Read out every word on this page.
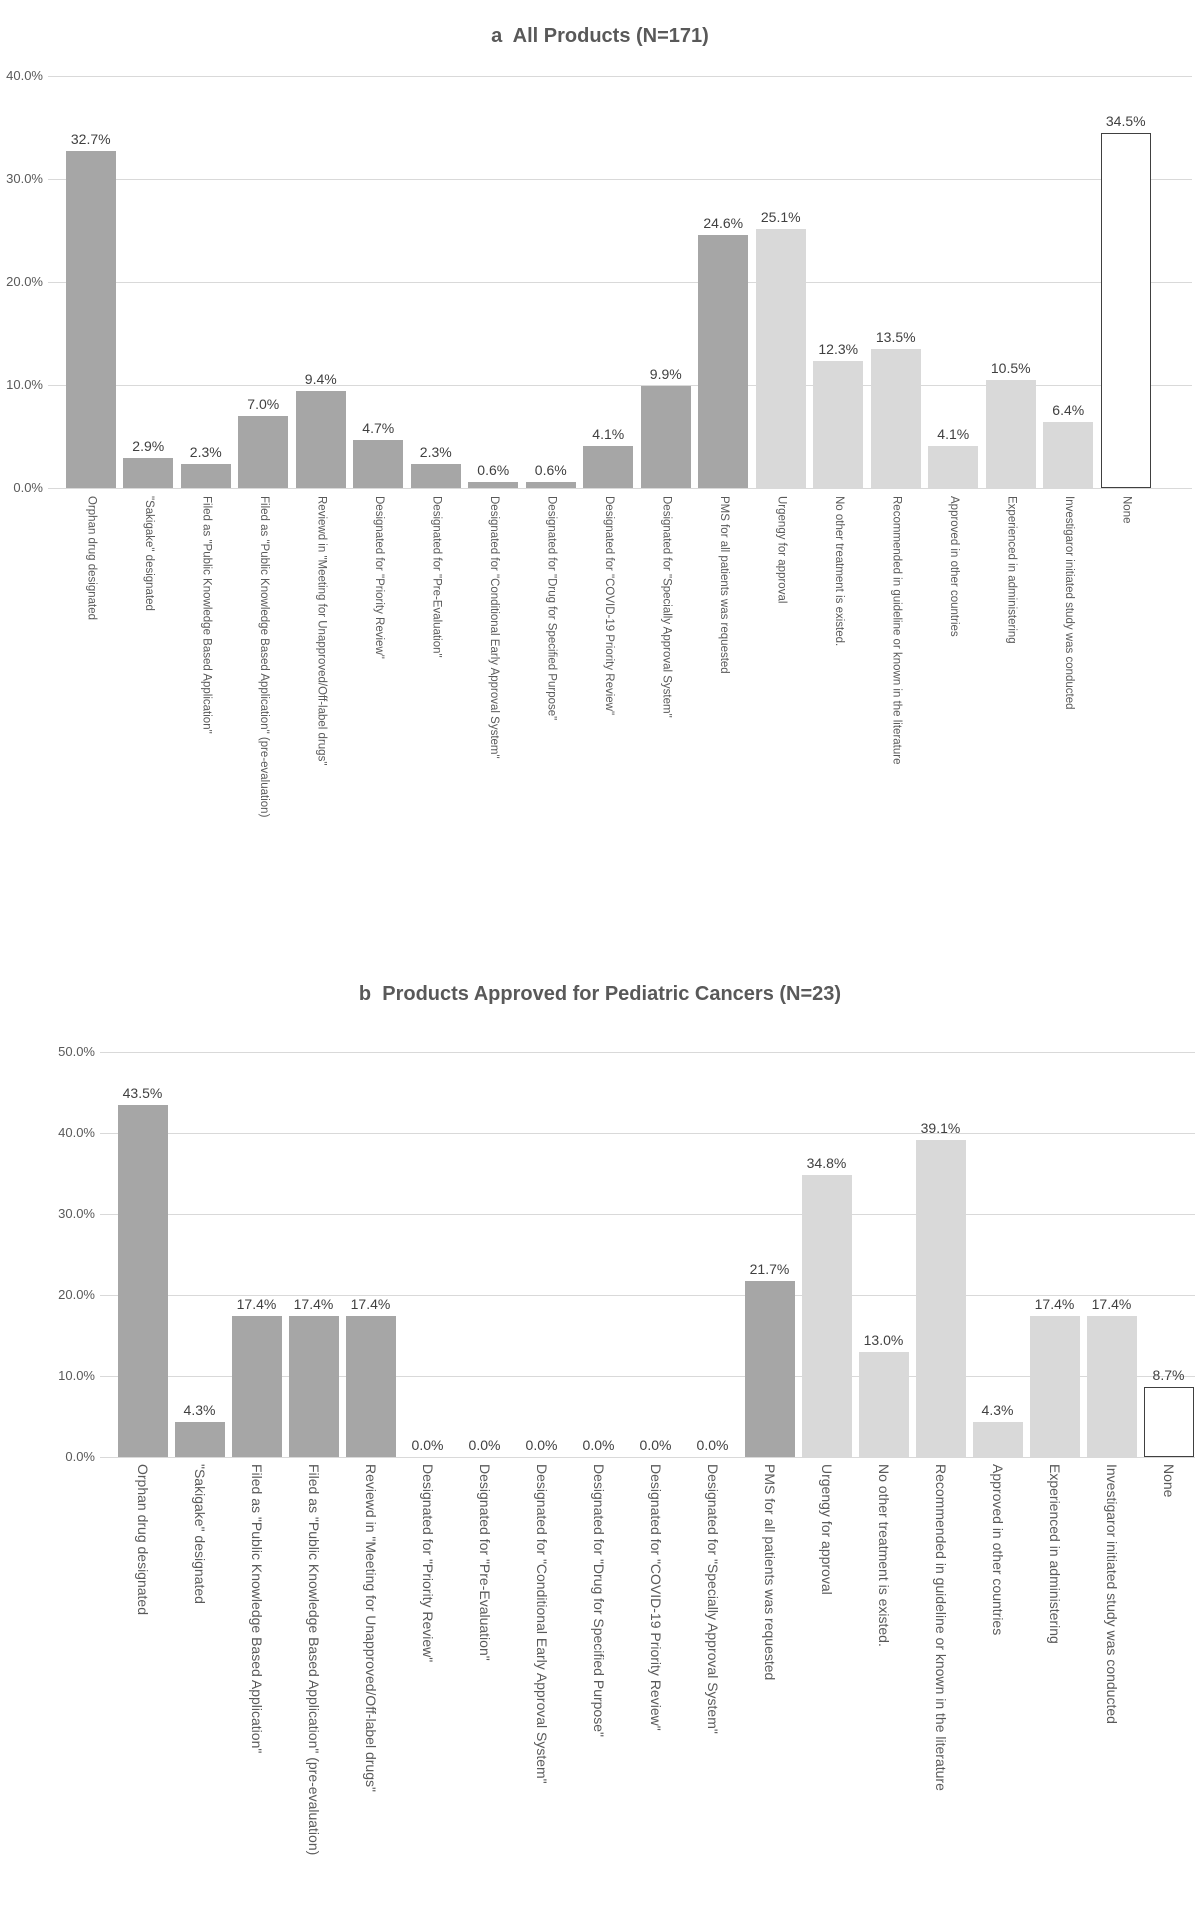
a  All Products (N=171)
40.0%
30.0%
20.0%
10.0%
0.0%
32.7%
Orphan drug designated
2.9%
"Sakigake" designated
2.3%
Filed as "Public Knowledge Based Application"
7.0%
Filed as "Public Knowledge Based Application" (pre-evaluation)
9.4%
Reviewd in "Meeting for Unapproved/Off-label drugs"
4.7%
Designated for "Priority Review"
2.3%
Designated for "Pre-Evaluation"
0.6%
Designated for "Conditional Early Approval System"
0.6%
Designated for "Drug for Specified Purpose"
4.1%
Designated for "COVID-19 Priority Review"
9.9%
Designated for "Specially Approval System"
24.6%
PMS for all patients was requested
25.1%
Urgengy for approval
12.3%
No other treatment is existed.
13.5%
Recommended in guideline or known in the literature
4.1%
Approved in other countries
10.5%
Experienced in administering
6.4%
Investigaror initiated study was conducted
34.5%
None
b  Products Approved for Pediatric Cancers (N=23)
50.0%
40.0%
30.0%
20.0%
10.0%
0.0%
43.5%
Orphan drug designated
4.3%
"Sakigake" designated
17.4%
Filed as "Public Knowledge Based Application"
17.4%
Filed as "Public Knowledge Based Application" (pre-evaluation)
17.4%
Reviewd in "Meeting for Unapproved/Off-label drugs"
0.0%
Designated for "Priority Review"
0.0%
Designated for "Pre-Evaluation"
0.0%
Designated for "Conditional Early Approval System"
0.0%
Designated for "Drug for Specified Purpose"
0.0%
Designated for "COVID-19 Priority Review"
0.0%
Designated for "Specially Approval System"
21.7%
PMS for all patients was requested
34.8%
Urgengy for approval
13.0%
No other treatment is existed.
39.1%
Recommended in guideline or known in the literature
4.3%
Approved in other countries
17.4%
Experienced in administering
17.4%
Investigaror initiated study was conducted
8.7%
None
